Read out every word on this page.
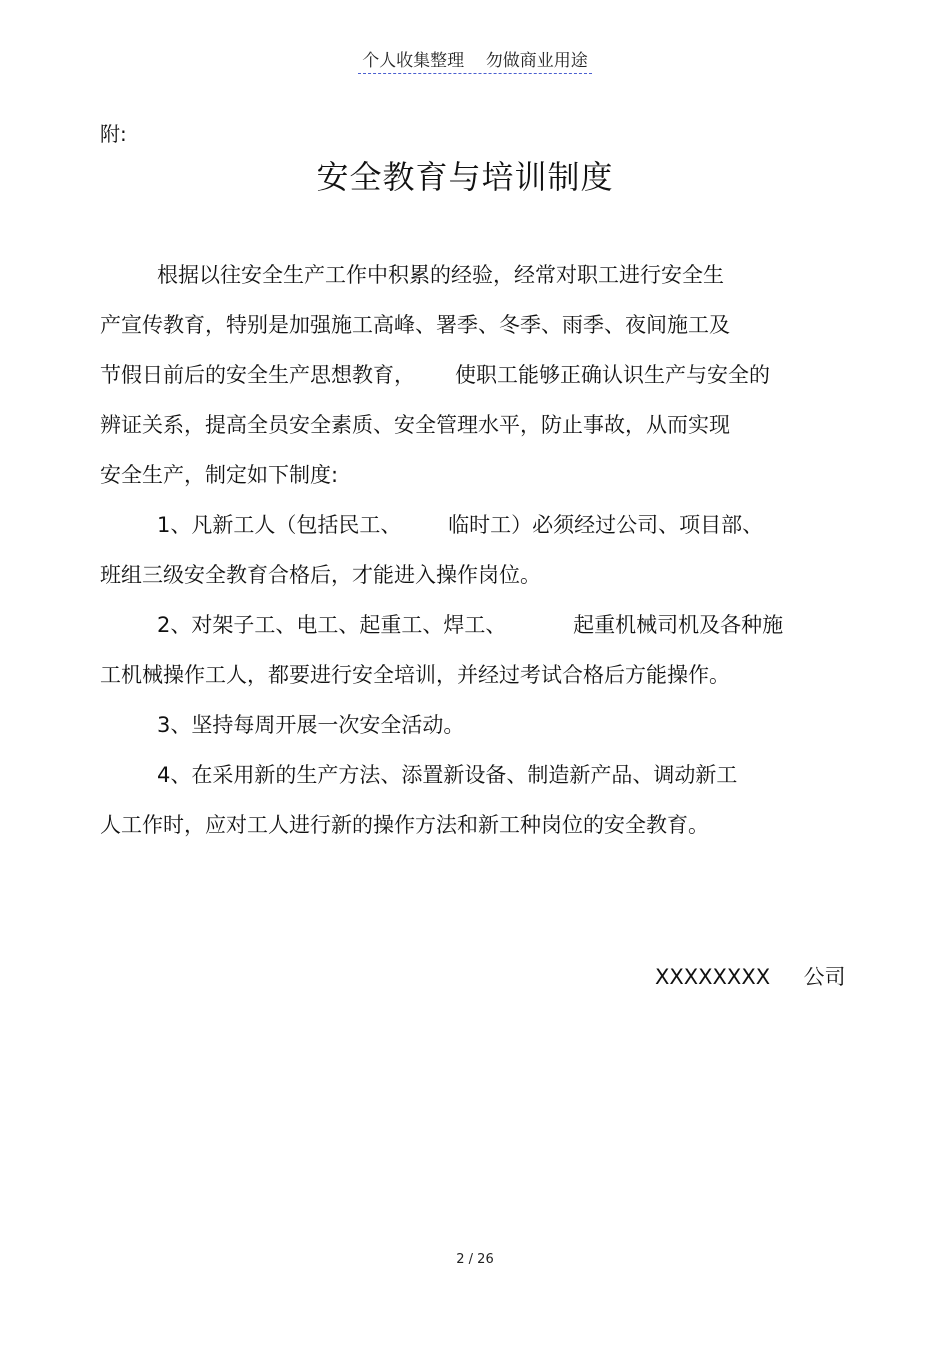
个人收集整理    勿做商业用途
附:
安全教育与培训制度
根据以往安全生产工作中积累的经验，经常对职工进行安全生
产宣传教育，特别是加强施工高峰、署季、冬季、雨季、夜间施工及
节假日前后的安全生产思想教育，      使职工能够正确认识生产与安全的
辨证关系，提高全员安全素质、安全管理水平，防止事故，从而实现
安全生产，制定如下制度:
1、凡新工人（包括民工、       临时工）必须经过公司、项目部、
班组三级安全教育合格后，才能进入操作岗位。
2、对架子工、电工、起重工、焊工、          起重机械司机及各种施
工机械操作工人，都要进行安全培训，并经过考试合格后方能操作。
3、坚持每周开展一次安全活动。
4、在采用新的生产方法、添置新设备、制造新产品、调动新工
人工作时，应对工人进行新的操作方法和新工种岗位的安全教育。
XXXXXXXX     公司
2 / 26
